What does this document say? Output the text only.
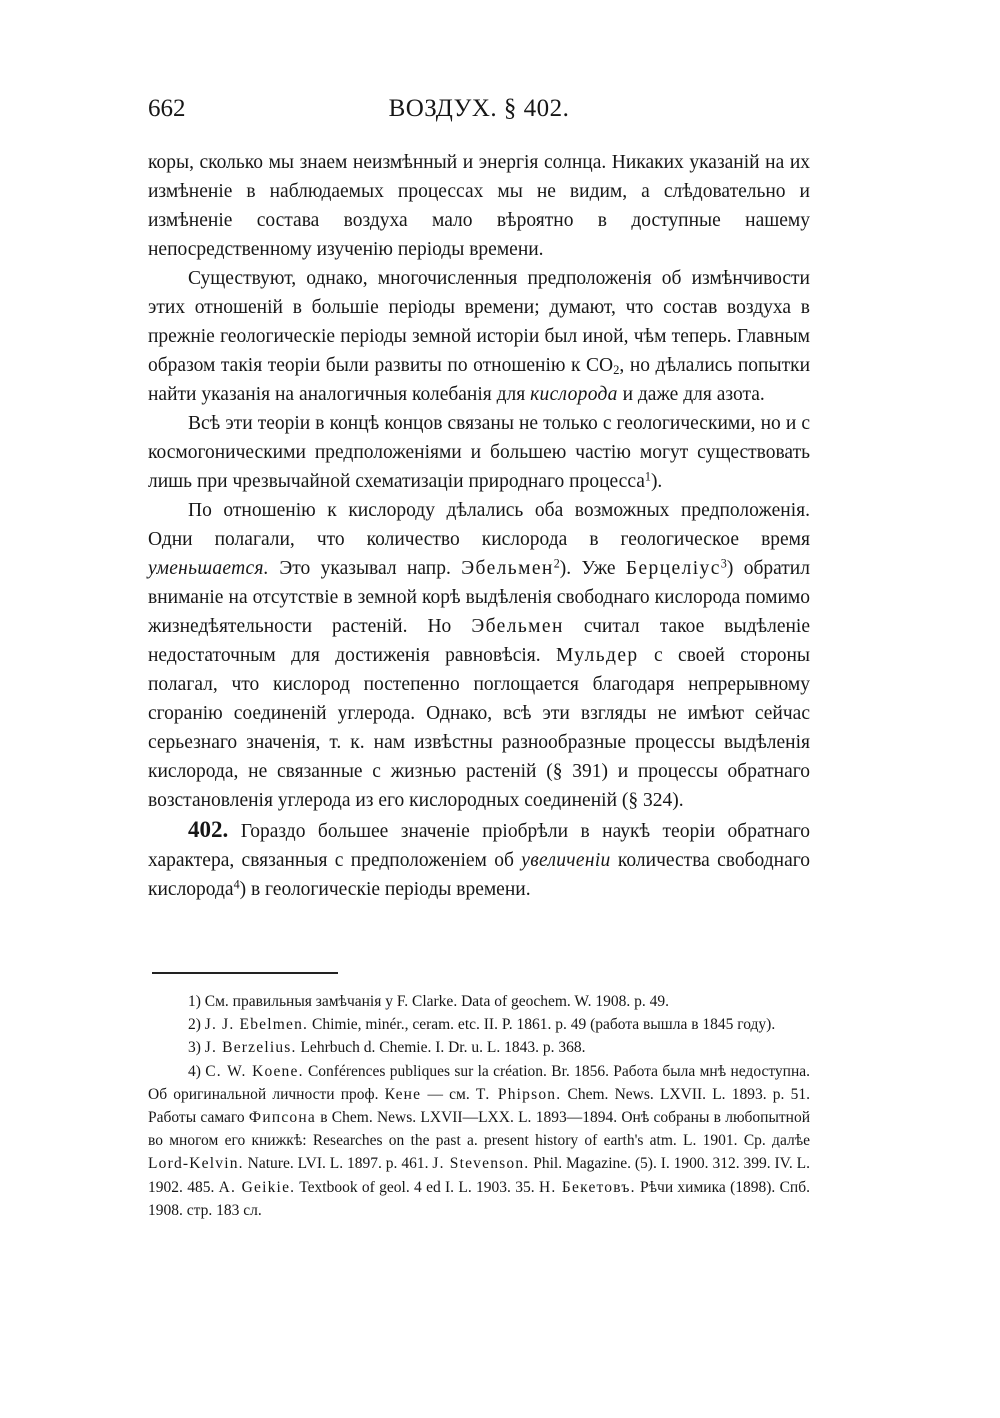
662	ВОЗДУХ. § 402.

коры, сколько мы знаем неизмѣнный и энергія солнца. Никаких указаній на их измѣненіе в наблюдаемых процессах мы не видим, а слѣдовательно и измѣненіе состава воздуха мало вѣроятно в доступные нашему непосредственному изученію періоды времени.

Существуют, однако, многочисленныя предположенія об измѣнчивости этих отношеній в большіе періоды времени; думают, что состав воздуха в прежніе геологическіе періоды земной исторіи был иной, чѣм теперь. Главным образом такія теоріи были развиты по отношенію к $CO_2$, но дѣлались попытки найти указанія на аналогичныя колебанія для кислорода и даже для азота.

Всѣ эти теоріи в концѣ концов связаны не только с геологическими, но и с космогоническими предположеніями и большею частію могут существовать лишь при чрезвычайной схематизаціи природнаго процесса$^1$).

По отношенію к кислороду дѣлались оба возможных предположенія. Одни полагали, что количество кислорода в геологическое время уменьшается. Это указывал напр. Эбельмен$^2$). Уже Берцеліус$^3$) обратил вниманіе на отсутствіе в земной корѣ выдѣленія свободнаго кислорода помимо жизнедѣятельности растеній. Но Эбельмен считал такое выдѣленіе недостаточным для достиженія равновѣсія. Мульдер с своей стороны полагал, что кислород постепенно поглощается благодаря непрерывному сгоранію соединеній углерода. Однако, всѣ эти взгляды не имѣют сейчас серьезнаго значенія, т. к. нам извѣстны разнообразные процессы выдѣленія кислорода, не связанные с жизнью растеній (§ 391) и процессы обратнаго возстановленія углерода из его кислородных соединеній (§ 324).

402. Гораздо большее значеніе пріобрѣли в наукѣ теоріи обратнаго характера, связанныя с предположеніем об увеличеніи количества свободнаго кислорода$^4$) в геологическіе періоды времени.

1) См. правильныя замѣчанія у F. Clarke. Data of geochem. W. 1908. p. 49.

2) J. J. Ebelmen. Chimie, minér., ceram. etc. II. P. 1861. p. 49 (работа вышла в 1845 году).

3) J. Berzelius. Lehrbuch d. Chemie. I. Dr. u. L. 1843. p. 368.

4) C. W. Koene. Conférences publiques sur la création. Br. 1856. Работа была мнѣ недоступна. Об оригинальной личности проф. Кене — см. T. Phipson. Chem. News. LXVII. L. 1893. p. 51. Работы самаго Фипсона в Chem. News. LXVII—LXX. L. 1893—1894. Онѣ собраны в любопытной во многом его книжкѣ: Researches on the past a. present history of earth's atm. L. 1901. Ср. далѣе Lord-Kelvin. Nature. LVI. L. 1897. p. 461. J. Stevenson. Phil. Magazine. (5). I. 1900. 312. 399. IV. L. 1902. 485. A. Geikie. Textbook of geol. 4 ed I. L. 1903. 35. Н. Бекетовъ. Рѣчи химика (1898). Спб. 1908. стр. 183 сл.
